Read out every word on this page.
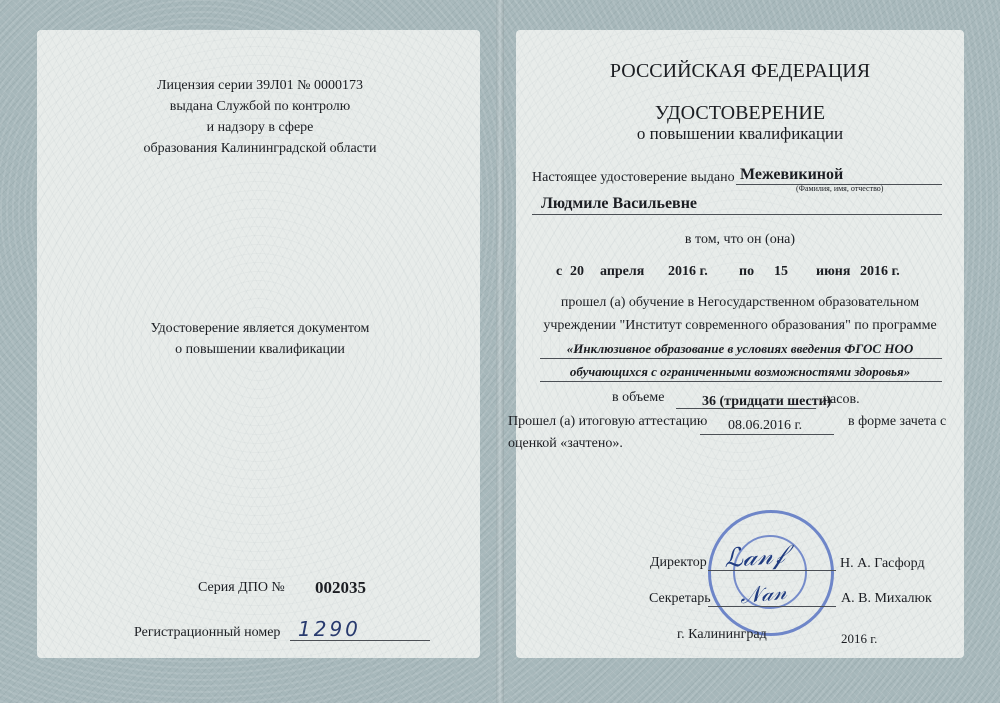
Лицензия серии 39Л01 № 0000173
выдана Службой по контролю
и надзору в сфере
образования Калининградской области
Удостоверение является документом
о повышении квалификации
Серия ДПО № 002035
Регистрационный номер 1290
РОССИЙСКАЯ ФЕДЕРАЦИЯ
УДОСТОВЕРЕНИЕ
о повышении квалификации
Настоящее удостоверение выдано Межевикиной
(Фамилия, имя, отчество)
Людмиле Васильевне
в том, что он (она)
с 20 апреля 2016 г. по 15 июня 2016 г.
прошел (а) обучение в Негосударственном образовательном
учреждении "Институт современного образования" по программе
«Инклюзивное образование в условиях введения ФГОС НОО
обучающихся с ограниченными возможностями здоровья»
в объеме	36 (тридцати шести)
часов.
Прошел (а) итоговую аттестацию 08.06.2016 г.	в форме зачета с
оценкой «зачтено».
Директор ℒ𝒶𝓃𝒻	Н. А. Гасфорд
Секретарь 𝒩𝒶𝓃	А. В. Михалюк
г. Калининград	2016 г.
